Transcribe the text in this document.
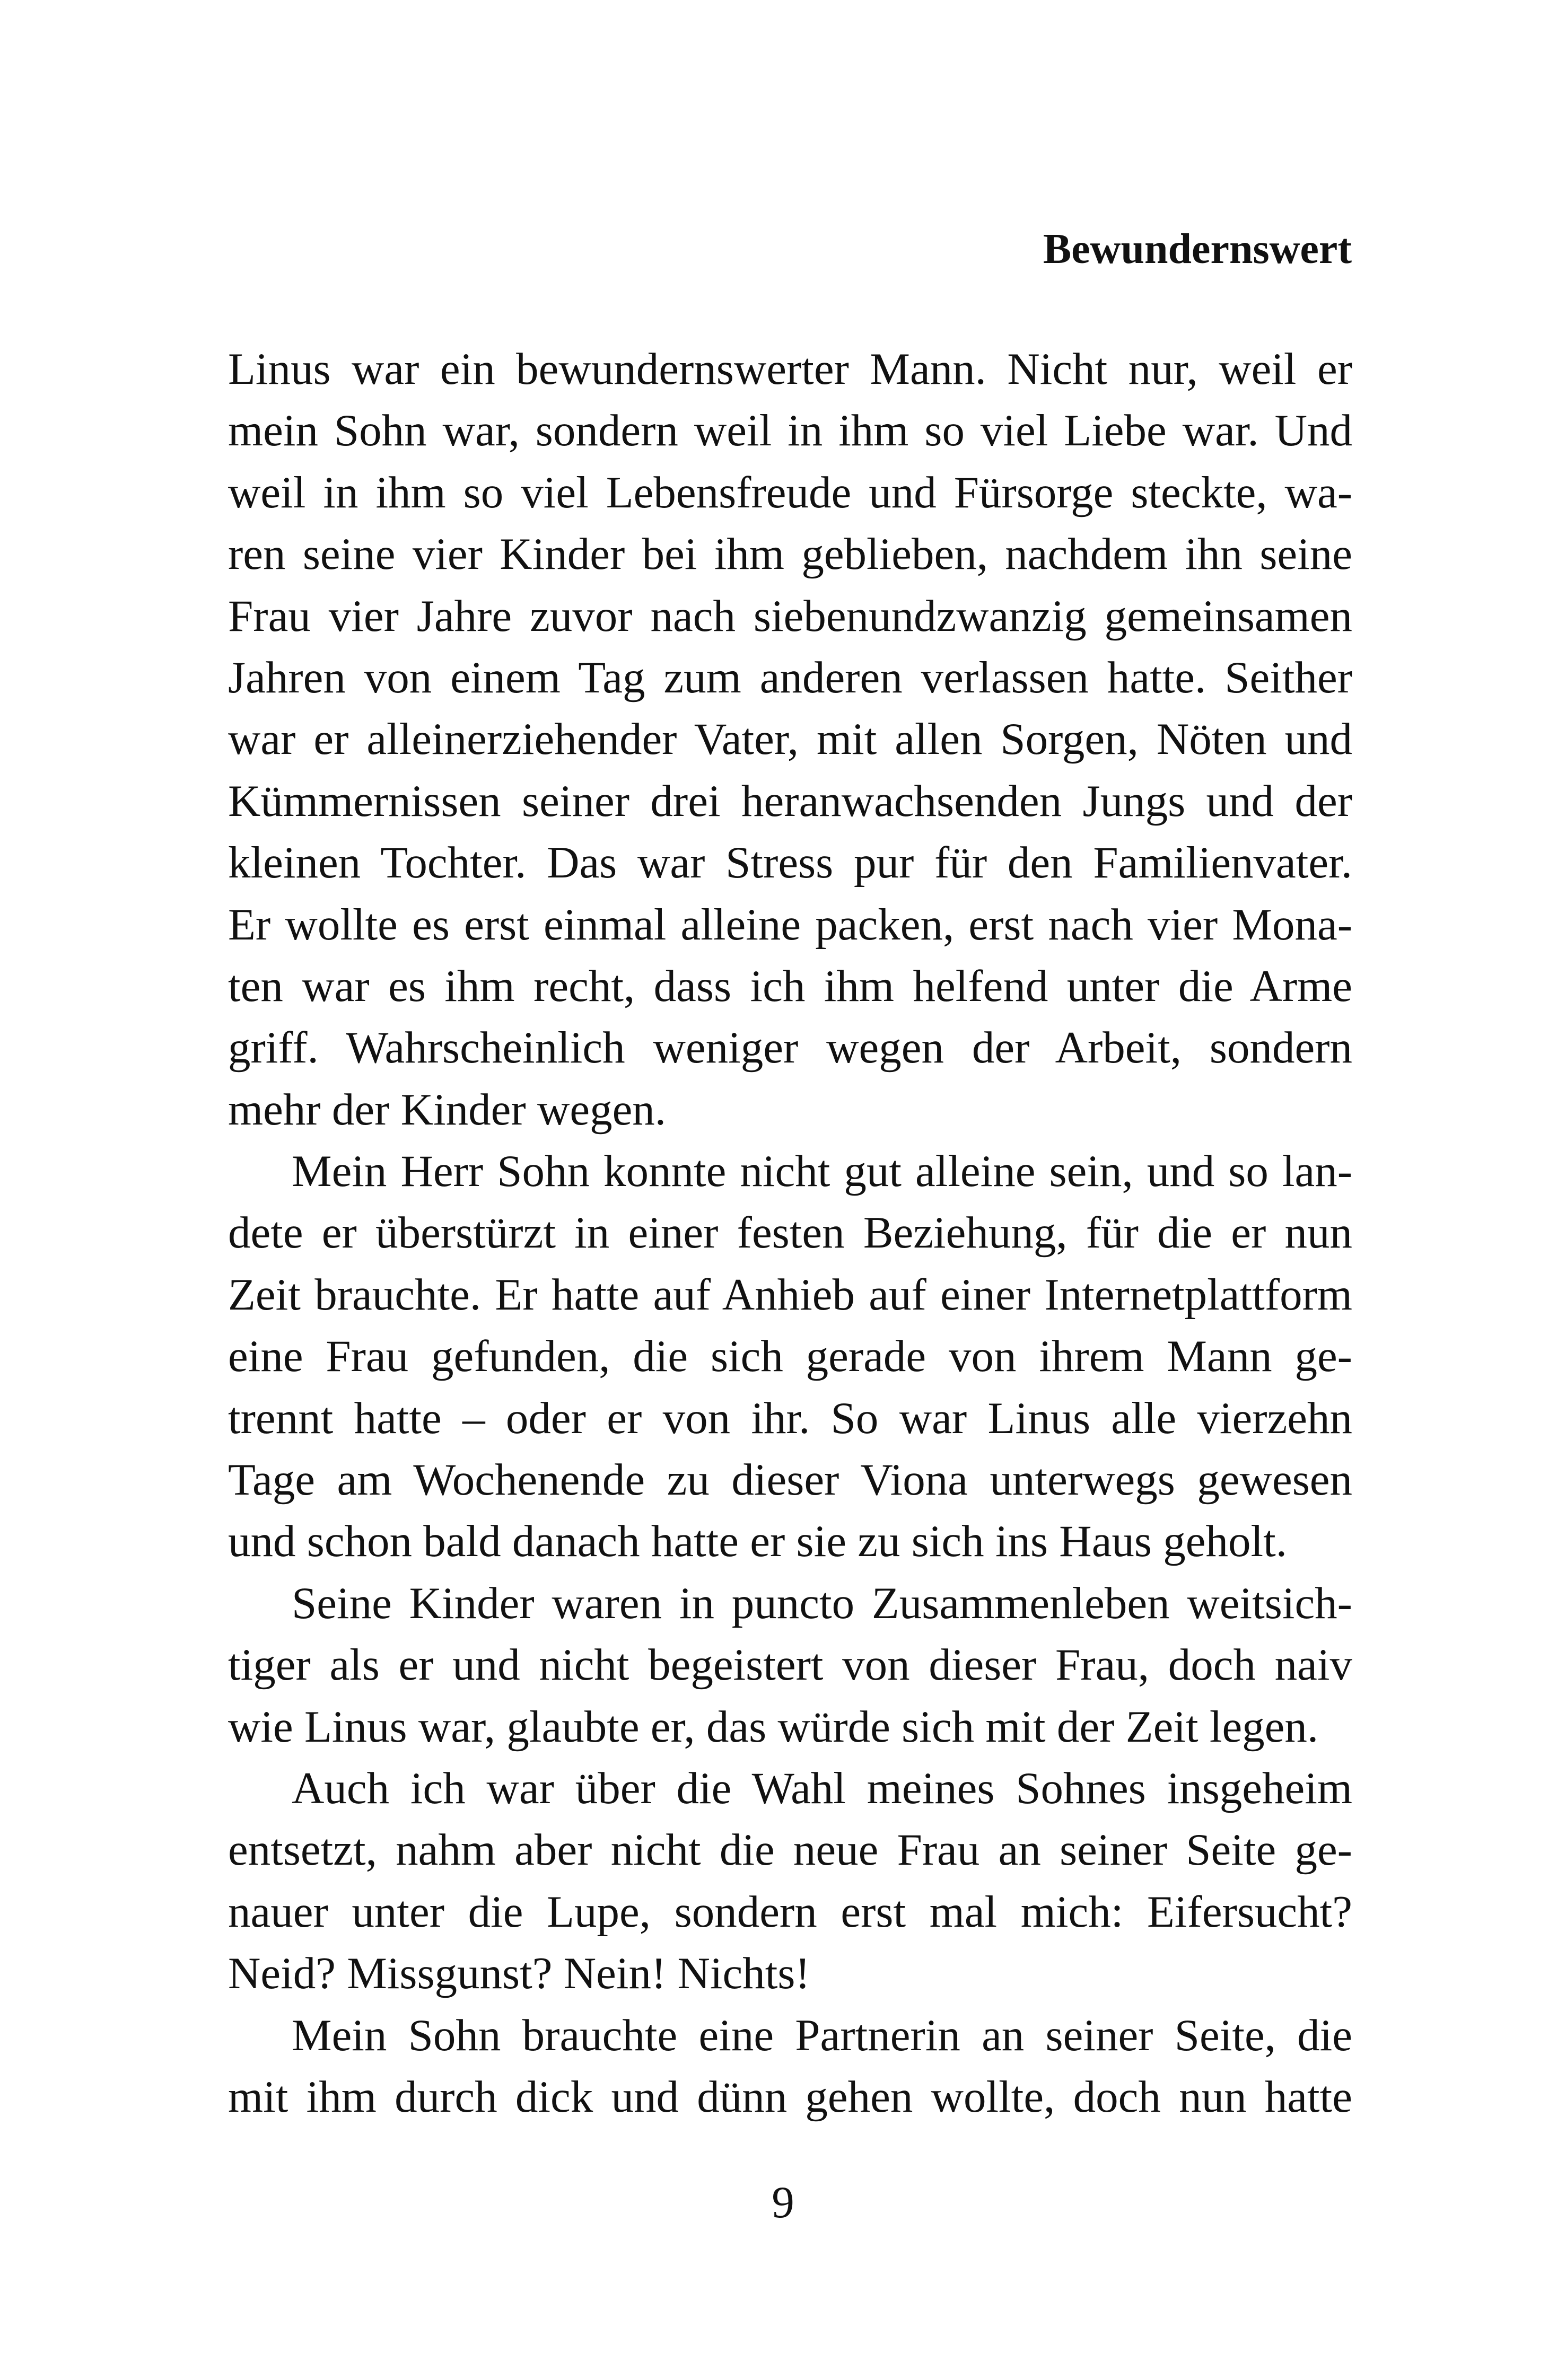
Bewundernswert
Linus war ein bewundernswerter Mann. Nicht nur, weil er
mein Sohn war, sondern weil in ihm so viel Liebe war. Und
weil in ihm so viel Lebensfreude und Fürsorge steckte, wa-
ren seine vier Kinder bei ihm geblieben, nachdem ihn seine
Frau vier Jahre zuvor nach siebenundzwanzig gemeinsamen
Jahren von einem Tag zum anderen verlassen hatte. Seither
war er alleinerziehender Vater, mit allen Sorgen, Nöten und
Kümmernissen seiner drei heranwachsenden Jungs und der
kleinen Tochter. Das war Stress pur für den Familienvater.
Er wollte es erst einmal alleine packen, erst nach vier Mona-
ten war es ihm recht, dass ich ihm helfend unter die Arme
griff. Wahrscheinlich weniger wegen der Arbeit, sondern
mehr der Kinder wegen.
Mein Herr Sohn konnte nicht gut alleine sein, und so lan-
dete er überstürzt in einer festen Beziehung, für die er nun
Zeit brauchte. Er hatte auf Anhieb auf einer Internetplattform
eine Frau gefunden, die sich gerade von ihrem Mann ge-
trennt hatte – oder er von ihr. So war Linus alle vierzehn
Tage am Wochenende zu dieser Viona unterwegs gewesen
und schon bald danach hatte er sie zu sich ins Haus geholt.
Seine Kinder waren in puncto Zusammenleben weitsich-
tiger als er und nicht begeistert von dieser Frau, doch naiv
wie Linus war, glaubte er, das würde sich mit der Zeit legen.
Auch ich war über die Wahl meines Sohnes insgeheim
entsetzt, nahm aber nicht die neue Frau an seiner Seite ge-
nauer unter die Lupe, sondern erst mal mich: Eifersucht?
Neid? Missgunst? Nein! Nichts!
Mein Sohn brauchte eine Partnerin an seiner Seite, die
mit ihm durch dick und dünn gehen wollte, doch nun hatte
9
